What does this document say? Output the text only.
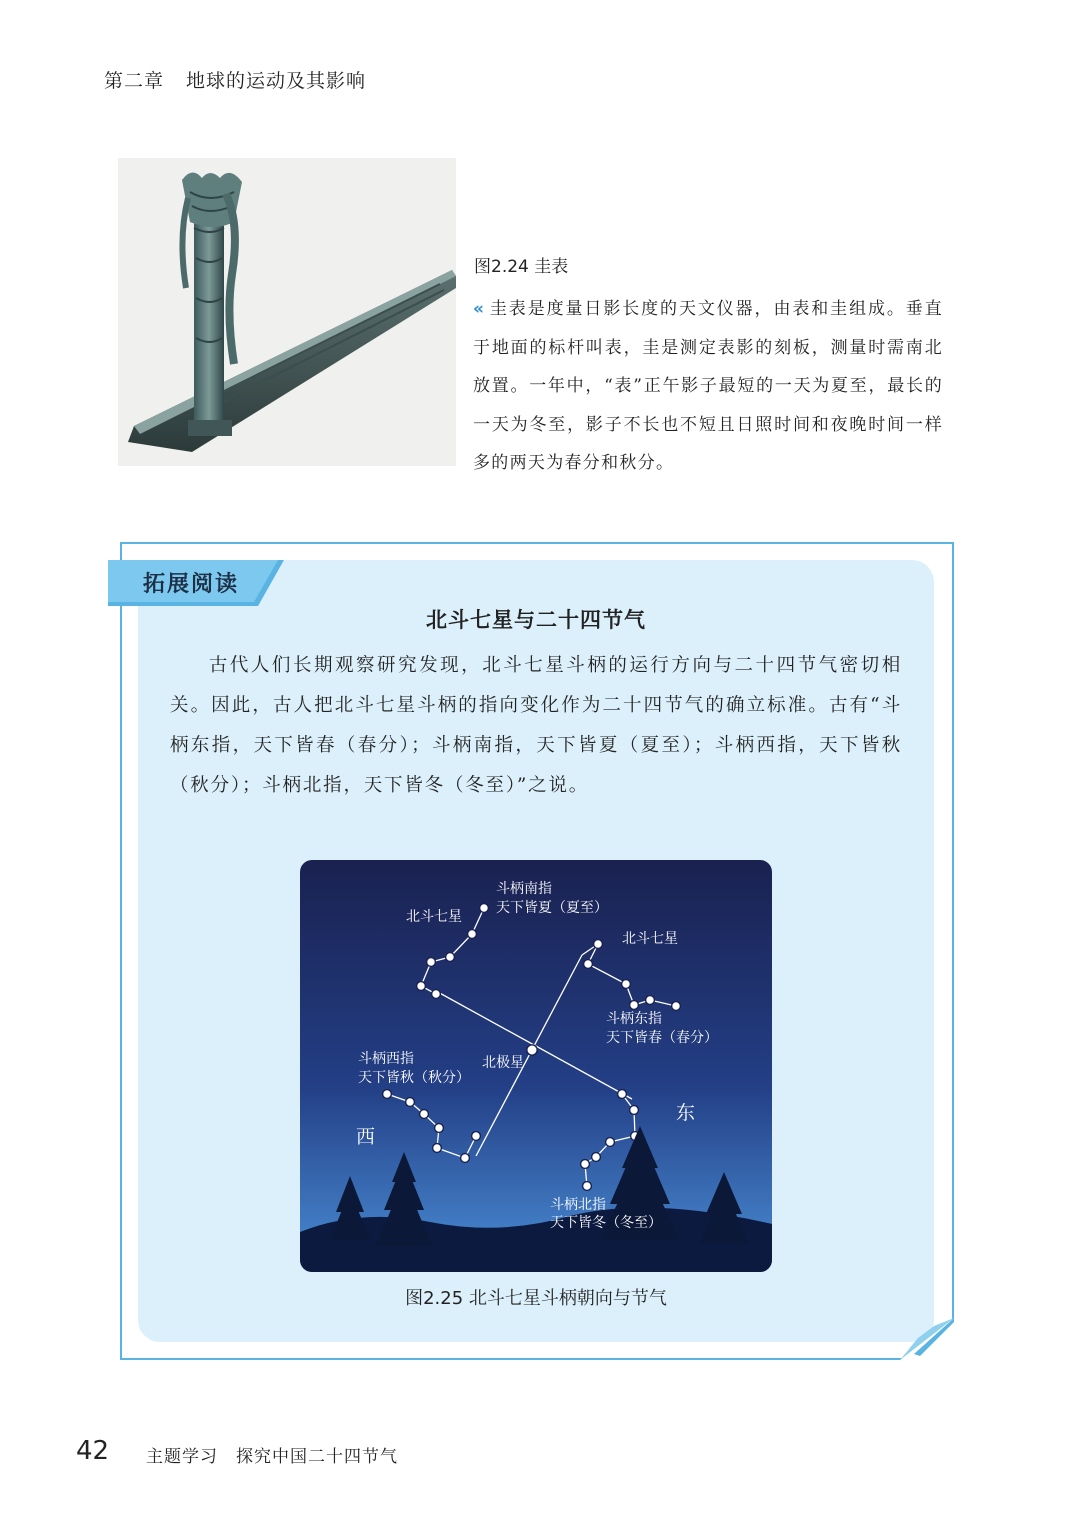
第二章 地球的运动及其影响
图2.24 圭表
« 圭表是度量日影长度的天文仪器，由表和圭组成。垂直于地面的标杆叫表，圭是测定表影的刻板，测量时需南北放置。一年中，“表”正午影子最短的一天为夏至，最长的一天为冬至，影子不长也不短且日照时间和夜晚时间一样多的两天为春分和秋分。
拓展阅读
北斗七星与二十四节气

古代人们长期观察研究发现，北斗七星斗柄的运行方向与二十四节气密切相关。因此，古人把北斗七星斗柄的指向变化作为二十四节气的确立标准。古有“斗柄东指，天下皆春（春分）；斗柄南指，天下皆夏（夏至）；斗柄西指，天下皆秋（秋分）；斗柄北指，天下皆冬（冬至）”之说。

北斗七星
斗柄南指
天下皆夏（夏至）
北斗七星
斗柄东指
天下皆春（春分）
北极星
斗柄西指
天下皆秋（秋分）
斗柄北指
天下皆冬（冬至）
西
东
图2.25 北斗七星斗柄朝向与节气
42 主题学习 探究中国二十四节气
